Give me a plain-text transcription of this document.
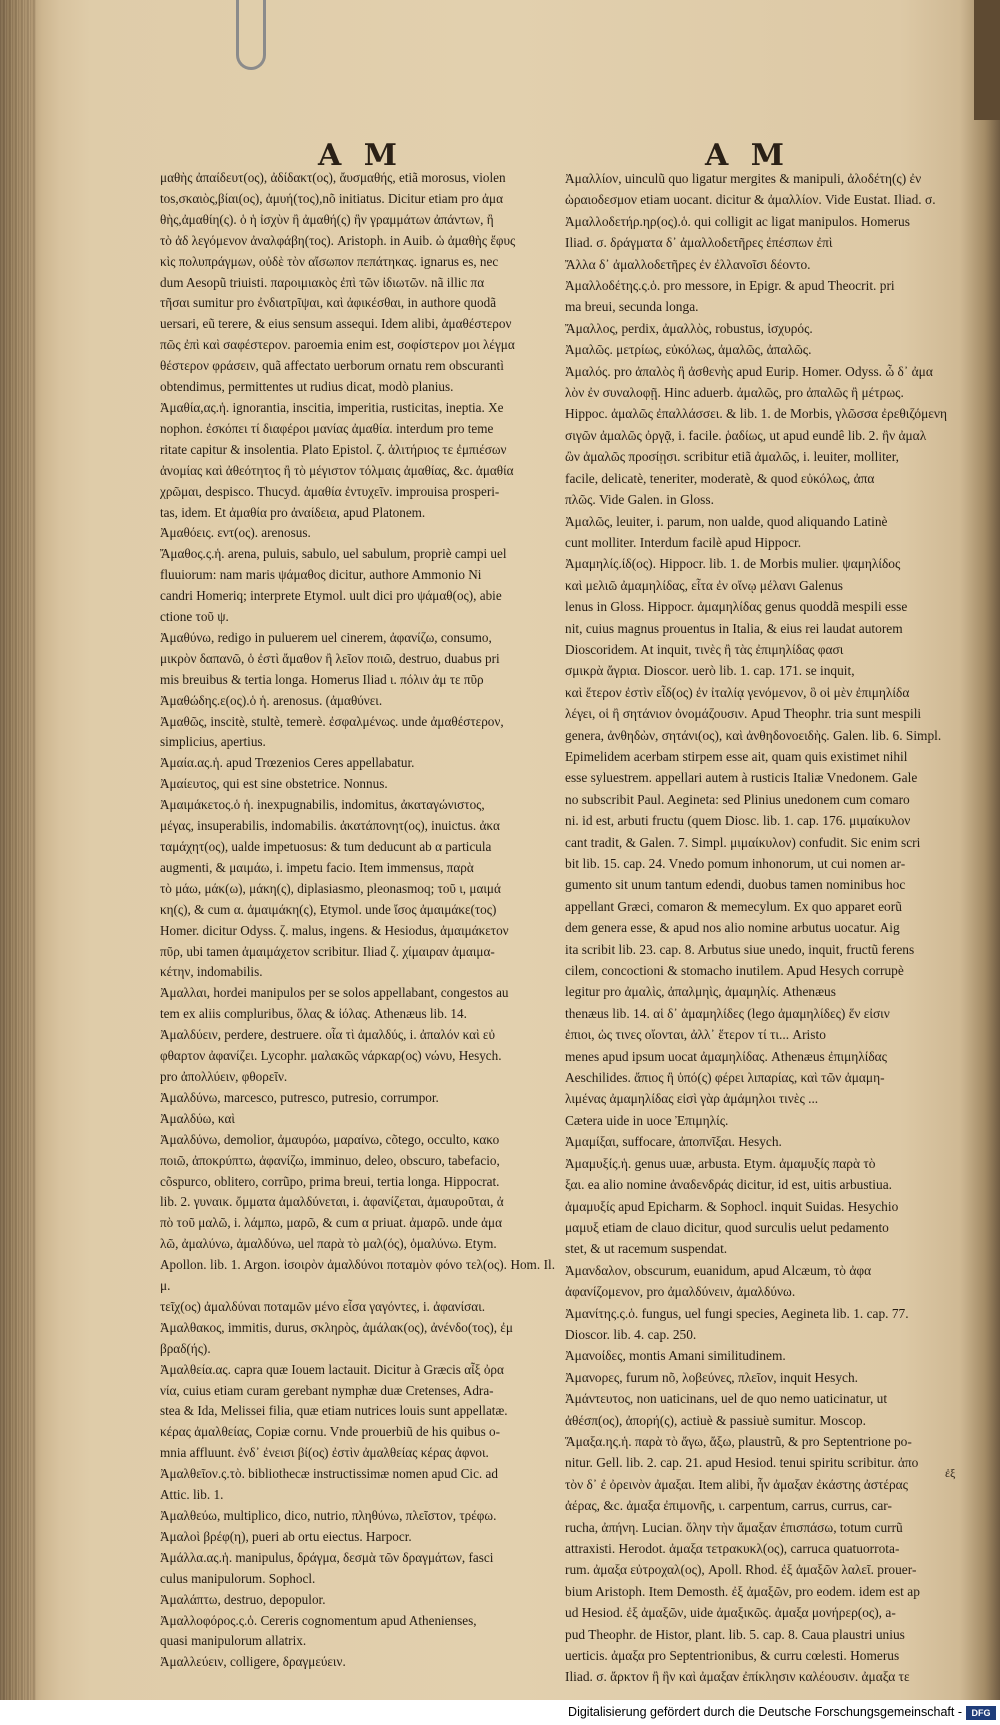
A M	A M

μαθὴς ἀπαίδευτ(ος), ἀδίδακτ(ος), ἄυσμαθής, etiã morosus, violen

tos,σκαιὸς,βίαι(ος), ἀμυή(τος),nõ initiatus. Dicitur etiam pro ἀμα

θὴς,ἀμαθίη(ς). ὁ ἡ ἰσχὺν ἢ ἀμαθή(ς) ἣν γραμμάτων ἀπάντων, ἢ

τὸ ἀδ λεγόμενον ἀναλφάβη(τος). Aristoph. in Auib. ὡ ἀμαθὴς ἔφυς

κὶς πολυπράγμων, οὐδὲ τὸν αἴσωπον πεπάτηκας. ignarus es, nec

dum Aesopũ triuisti. παροιμιακὸς ἐπὶ τῶν ἰδιωτῶν. nã illic πα

τῆσαι sumitur pro ἐνδιατρῖψαι, καὶ ἀφικέσθαι, in authore quodã

uersari, eũ terere, & eius sensum assequi. Idem alibi, ἀμαθέστερον

πῶς ἐπὶ καὶ σαφέστερον. paroemia enim est, σοφίστερον μοι λέγμα

θέστερον φράσειν, quã affectato uerborum ornatu rem obscurantì

obtendimus, permittentes ut rudius dicat, modò planius.

Ἀμαθία,ας.ἡ. ignorantia, inscitia, imperitia, rusticitas, ineptia. Xe

nophon. ἐσκόπει τί διαφέροι μανίας ἀμαθία. interdum pro teme

ritate capitur & insolentia. Plato Epistol. ζ. ἀλιτήριος τε ἐμπιέσων

ἀνομίας καὶ ἀθεότητος ἢ τὸ μέγιστον τόλμαις ἀμαθίας, &c. ἀμαθία

χρῶμαι, despisco. Thucyd. ἀμαθία ἐντυχεῖν. improuisa prosperi-

tas, idem. Et ἀμαθία pro ἀναίδεια, apud Platonem.

Ἀμαθόεις. εντ(ος). arenosus.

Ἄμαθος.ς.ἡ. arena, puluis, sabulo, uel sabulum, propriè campi uel

fluuiorum: nam maris ψάμαθος dicitur, authore Ammonio Ni

candri Homeriq; interprete Etymol. uult dici pro ψάμαθ(ος), abie

ctione τοῦ ψ.

Ἀμαθύνω, redigo in puluerem uel cinerem, ἀφανίζω, consumo,

μικρὸν δαπανῶ, ὁ ἐστὶ ἄμαθον ἢ λεῖον ποιῶ, destruo, duabus pri

mis breuibus & tertia longa. Homerus Iliad ι. πόλιν ἀμ τε πῦρ

Ἀμαθώδης.ε(ος).ὁ ἡ. arenosus. (ἀμαθύνει.

Ἀμαθῶς, inscitè, stultè, temerè. ἐσφαλμένως. unde ἀμαθέστερον,

simplicius, apertius.

Ἀμαία.ας.ἡ. apud Trœzenios Ceres appellabatur.

Ἀμαίευτος, qui est sine obstetrice. Nonnus.

Ἀμαιμάκετος.ὁ ἡ. inexpugnabilis, indomitus, ἀκαταγώνιστος,

μέγας, insuperabilis, indomabilis. ἀκατάπονητ(ος), inuictus. ἀκα

ταμάχητ(ος), ualde impetuosus: & tum deducunt ab α particula

augmenti, & μαιμάω, i. impetu facio. Item immensus, παρὰ

τὸ μάω, μάκ(ω), μάκη(ς), diplasiasmo, pleonasmoq; τοῦ ι, μαιμά

κη(ς), & cum α. ἀμαιμάκη(ς), Etymol. unde ἴσος ἀμαιμάκε(τος)

Homer. dicitur Odyss. ζ. malus, ingens. & Hesiodus, ἀμαιμάκετον

πῦρ, ubi tamen ἀμαιμάχετον scribitur. Iliad ζ. χίμαιραν ἀμαιμα-

κέτην, indomabilis.

Ἀμαλλαι, hordei manipulos per se solos appellabant, congestos au

tem ex aliis compluribus, ὅλας & ἰόλας. Athenæus lib. 14.

Ἀμαλδύειν, perdere, destruere. οἷα τὶ ἀμαλδύς, i. ἀπαλόν καὶ εὐ

φθαρτον ἀφανίζει. Lycophr. μαλακῶς νάρκαρ(ος) νώνυ, Hesych.

pro ἀπολλύειν, φθορεῖν.

Ἀμαλδύνω, marcesco, putresco, putresio, corrumpor.

Ἀμαλδύω, καὶ

Ἀμαλδύνω, demolior, ἀμαυρόω, μαραίνω, cõtego, occulto, κακο

ποιῶ, ἀποκρύπτω, ἀφανίζω, imminuo, deleo, obscuro, tabefacio,

cõspurco, oblitero, corrũpo, prima breui, tertia longa. Hippocrat.

lib. 2. γυναικ. ὄμματα ἀμαλδύνεται, i. ἀφανίζεται, ἀμαυροῦται, ἀ

πὸ τοῦ μαλῶ, i. λάμπω, μαρῶ, & cum α priuat. ἀμαρῶ. unde ἀμα

λῶ, ἀμαλύνω, ἀμαλδύνω, uel παρὰ τὸ μαλ(ός), ὁμαλύνω. Etym.

Apollon. lib. 1. Argon. ἰσοιρὸν ἀμαλδύνοι ποταμὸν φόνο τελ(ος). Hom. Il. μ.

τεῖχ(ος) ἀμαλδύναι ποταμῶν μένο εἶσα γαγόντες, i. ἀφανίσαι.

Ἀμαλθακος, immitis, durus, σκληρὸς, ἀμάλακ(ος), ἀνένδο(τος), ἐμ

βραδ(ής).

Ἀμαλθεία.ας. capra quæ Iouem lactauit. Dicitur à Græcis αἶξ ὀρα

νία, cuius etiam curam gerebant nymphæ duæ Cretenses, Adra-

stea & Ida, Melissei filia, quæ etiam nutrices louis sunt appellatæ.

κέρας ἀμαλθείας, Copiæ cornu. Vnde prouerbiũ de his quibus o-

mnia affluunt. ἐνδ᾽ ἐνεισι βί(ος) ἐστὶν ἀμαλθείας κέρας ἀφνοι.

Ἀμαλθεῖον.ς.τὸ. bibliothecæ instructissimæ nomen apud Cic. ad

Attic. lib. 1.

Ἀμαλθεύω, multiplico, dico, nutrio, πληθύνω, πλεῖστον, τρέφω.

Ἀμαλοὶ βρέφ(η), pueri ab ortu eiectus. Harpocr.

Ἀμάλλα.ας.ἡ. manipulus, δράγμα, δεσμὰ τῶν δραγμάτων, fasci

culus manipulorum. Sophocl.

Ἀμαλάπτω, destruo, depopulor.

Ἀμαλλοφόρος.ς.ὁ. Cereris cognomentum apud Athenienses,

quasi manipulorum allatrix.

Ἀμαλλεύειν, colligere, δραγμεύειν.

Ἀμαλλίον, uinculũ quo ligatur mergites & manipuli, ἀλοδέτη(ς) ἐν

ὡραιοδεσμον etiam uocant. dicitur & ἀμαλλίον. Vide Eustat. Iliad. σ.

Ἀμαλλοδετήρ.ηρ(ος).ὁ. qui colligit ac ligat manipulos. Homerus

Iliad. σ. δράγματα δ᾽ ἀμαλλοδετῆρες ἐπέσπων ἐπὶ

Ἄλλα δ᾽ ἀμαλλοδετῆρες ἐν ἐλλανοῖσι δέοντο.

Ἀμαλλοδέτης.ς.ὁ. pro messore, in Epigr. & apud Theocrit. pri

ma breui, secunda longa.

Ἄμαλλος, perdix, ἀμαλλὸς, robustus, ἰσχυρός.

Ἀμαλῶς. μετρίως, εὐκόλως, ἀμαλῶς, ἀπαλῶς.

Ἀμαλός. pro ἀπαλὸς ἢ ἀσθενὴς apud Eurip. Homer. Odyss. ὦ δ᾽ ἀμα

λὸν ἐν συναλοφῇ. Hinc aduerb. ἀμαλῶς, pro ἀπαλῶς ἢ μέτρως.

Hippoc. ἀμαλῶς ἐπαλλάσσει. & lib. 1. de Morbis, γλῶσσα ἐρεθιζόμενη

σιγῶν ἀμαλῶς ὀργᾷ, i. facile. ῥαδίως, ut apud eundê lib. 2. ἢν ἀμαλ

ὢν ἀμαλῶς προσίῃσι. scribitur etiã ἀμαλῶς, i. leuiter, molliter,

facile, delicatè, teneriter, moderatè, & quod εὐκόλως, ἀπα

πλῶς. Vide Galen. in Gloss.

Ἀμαλῶς, leuiter, i. parum, non ualde, quod aliquando Latinè

cunt molliter. Interdum facilè apud Hippocr.

Ἀμαμηλίς.ίδ(ος). Hippocr. lib. 1. de Morbis mulier. ψαμηλίδος

καὶ μελιῶ ἀμαμηλίδας, εἶτα ἐν οἴνῳ μέλανι Galenus

lenus in Gloss. Hippocr. ἀμαμηλίδας genus quoddã mespili esse

nit, cuius magnus prouentus in Italia, & eius rei laudat autorem

Dioscoridem. At inquit, τινὲς ἢ τὰς ἐπιμηλίδας φασι

σμικρὰ ἄγρια. Dioscor. uerò lib. 1. cap. 171. se inquit,

καὶ ἕτερον ἐστὶν εἶδ(ος) ἐν ἰταλίᾳ γενόμενον, ὃ οἱ μὲν ἐπιμηλίδα

λέγει, οἱ ἢ σητάνιον ὀνομάζουσιν. Apud Theophr. tria sunt mespili

genera, ἀνθηδὼν, σητάνι(ος), καὶ ἀνθηδονοειδὴς. Galen. lib. 6. Simpl.

Epimelidem acerbam stirpem esse ait, quam quis existimet nihil

esse syluestrem. appellari autem à rusticis Italiæ Vnedonem. Gale

no subscribit Paul. Aegineta: sed Plinius unedonem cum comaro

ni. id est, arbuti fructu (quem Diosc. lib. 1. cap. 176. μιμαίκυλον

cant tradit, & Galen. 7. Simpl. μιμαίκυλον) confudit. Sic enim scri

bit lib. 15. cap. 24. Vnedo pomum inhonorum, ut cui nomen ar-

gumento sit unum tantum edendi, duobus tamen nominibus hoc

appellant Græci, comaron & memecylum. Ex quo apparet eorũ

dem genera esse, & apud nos alio nomine arbutus uocatur. Aig

ita scribit lib. 23. cap. 8. Arbutus siue unedo, inquit, fructũ ferens

cilem, concoctioni & stomacho inutilem. Apud Hesych corrupè

legitur pro ἀμαλὶς, ἀπαλμηὶς, ἀμαμηλίς. Athenæus

thenæus lib. 14. αἱ δ᾽ ἀμαμηλίδες (lego ἀμαμηλίδες) ἕν εἰσιν

ἐπιοι, ὡς τινες οἴονται, ἀλλ᾽ ἕτερον τί τι... Aristo

menes apud ipsum uocat ἀμαμηλίδας. Athenæus ἐπιμηλίδας

Aeschilides. ἄπιος ἢ ὑπό(ς) φέρει λιπαρίας, καὶ τῶν ἀμαμη-

λιμένας ἀμαμηλίδας εἰσὶ γὰρ ἀμάμηλοι τινὲς ...

Cætera uide in uoce Ἐπιμηλίς.

Ἀμαμίξαι, suffocare, ἀποπνῖξαι. Hesych.

Ἀμαμυξίς.ἡ. genus uuæ, arbusta. Etym. ἀμαμυξίς παρὰ τὸ

ξαι. ea alio nomine ἀναδενδράς dicitur, id est, uitis arbustiua.

ἀμαμυξίς apud Epicharm. & Sophocl. inquit Suidas. Hesychio

μαμυξ etiam de clauo dicitur, quod surculis uelut pedamento

stet, & ut racemum suspendat.

Ἀμανδαλον, obscurum, euanidum, apud Alcæum, τὸ ἀφα

ἀφανίζομενον, pro ἀμαλδύνειν, ἀμαλδύνω.

Ἀμανίτης.ς.ὁ. fungus, uel fungi species, Aegineta lib. 1. cap. 77.

Dioscor. lib. 4. cap. 250.

Ἀμανοίδες, montis Amani similitudinem.

Ἀμανορες, furum nõ, λοβεύνες, πλεῖον, inquit Hesych.

Ἀμάντευτος, non uaticinans, uel de quo nemo uaticinatur, ut

ἀθέσπ(ος), ἀπορή(ς), actiuè & passiuè sumitur. Moscop.

Ἅμαξα.ης.ἡ. παρὰ τὸ ἄγω, ἄξω, plaustrũ, & pro Septentrione po-

nitur. Gell. lib. 2. cap. 21. apud Hesiod. tenui spiritu scribitur. ἀπο

τὸν δ᾽ ἐ ὀρεινὸν ἀμαξαι. Item alibi, ἦν ἀμαξαν ἐκάστης ἀστέρας

ἀέρας, &c. ἀμαξα ἐπιμονῆς, ι. carpentum, carrus, currus, car-

rucha, ἀπήνη. Lucian. ὅλην τὴν ἄμαξαν ἐπισπάσω, totum currũ

attraxisti. Herodot. ἀμαξα τετρακυκλ(ος), carruca quatuorrota-

rum. ἀμαξα εὐτροχαλ(ος), Apoll. Rhod. ἐξ ἀμαξῶν λαλεῖ. prouer-

bium Aristoph. Item Demosth. ἐξ ἀμαξῶν, pro eodem. idem est ap

ud Hesiod. ἐξ ἀμαξῶν, uide ἀμαξικῶς. ἀμαξα μονήρερ(ος), a-

pud Theophr. de Histor, plant. lib. 5. cap. 8. Caua plaustri unius

uerticis. ἀμαξα pro Septentrionibus, & curru cœlesti. Homerus

Iliad. σ. ἄρκτον ἢ ἣν καὶ ἀμαξαν ἐπίκλησιν καλέουσιν. ἀμαξα τε

ἐξ
Digitalisierung gefördert durch die Deutsche Forschungsgemeinschaft -	DFG
